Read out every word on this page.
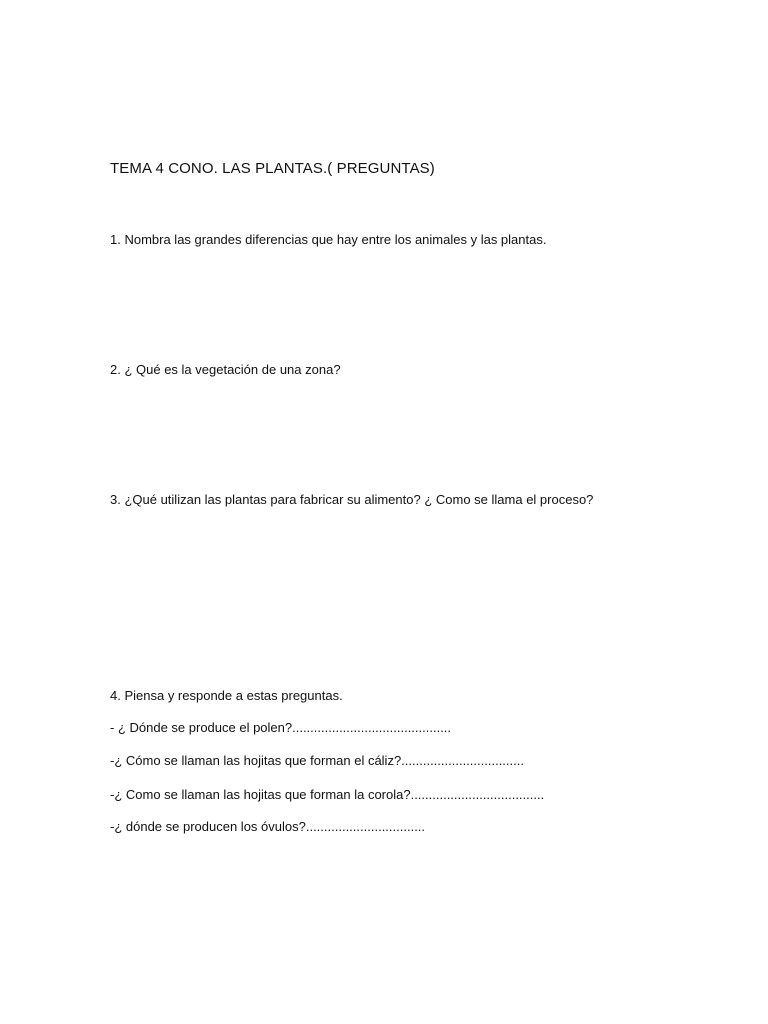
TEMA 4 CONO. LAS PLANTAS.( PREGUNTAS)
1. Nombra las grandes diferencias que hay entre los animales y las plantas.
2. ¿ Qué es la vegetación de una zona?
3. ¿Qué utilizan las plantas para fabricar su alimento? ¿ Como se llama el proceso?
4. Piensa y responde a estas preguntas.
- ¿ Dónde se produce el polen?............................................
-¿ Cómo se llaman las hojitas que forman el cáliz?..................................
-¿ Como se llaman las hojitas que forman la corola?.....................................
-¿ dónde se producen los óvulos?.................................
